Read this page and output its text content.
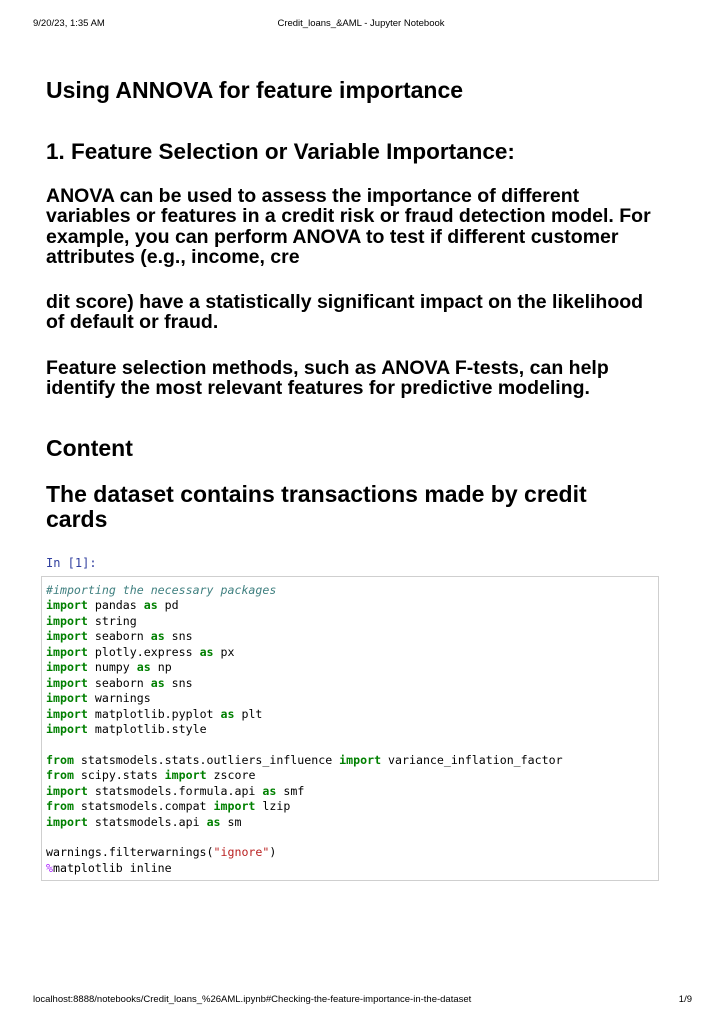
9/20/23, 1:35 AM	Credit_loans_&AML - Jupyter Notebook
Using ANNOVA for feature importance
1. Feature Selection or Variable Importance:

ANOVA can be used to assess the importance of different variables or features in a credit risk or fraud detection model. For example, you can perform ANOVA to test if different customer attributes (e.g., income, cre

dit score) have a statistically significant impact on the likelihood of default or fraud.

Feature selection methods, such as ANOVA F-tests, can help identify the most relevant features for predictive modeling.

Content
The dataset contains transactions made by credit cards
In [1]:
#importing the necessary packages
import pandas as pd
import string
import seaborn as sns
import plotly.express as px
import numpy as np
import seaborn as sns
import warnings
import matplotlib.pyplot as plt
import matplotlib.style

from statsmodels.stats.outliers_influence import variance_inflation_factor
from scipy.stats import zscore
import statsmodels.formula.api as smf
from statsmodels.compat import lzip
import statsmodels.api as sm

warnings.filterwarnings("ignore")
%matplotlib inline
localhost:8888/notebooks/Credit_loans_%26AML.ipynb#Checking-the-feature-importance-in-the-dataset	1/9
